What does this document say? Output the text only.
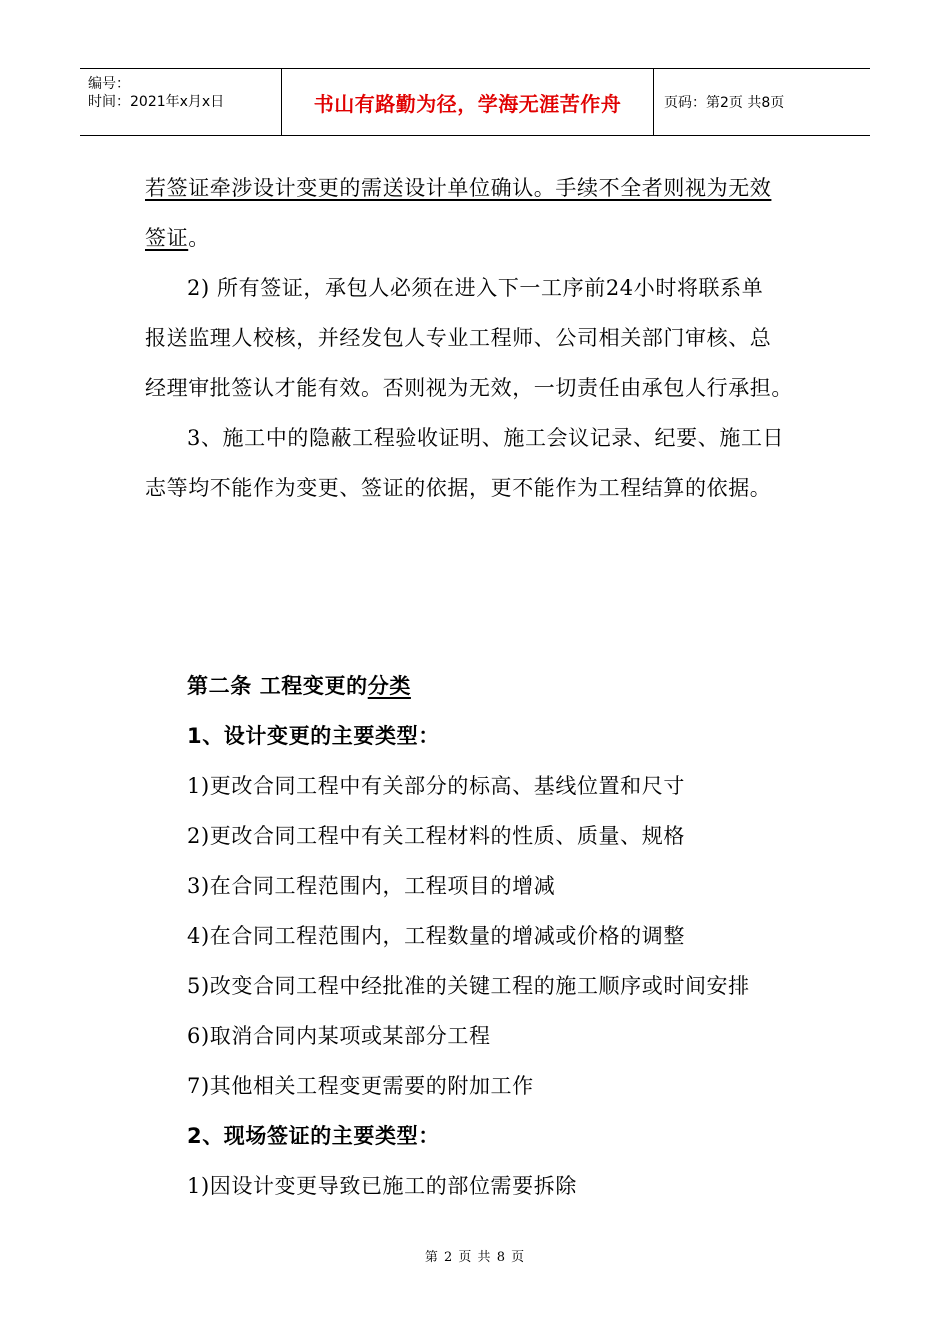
编号：
时间：2021年x月x日	书山有路勤为径，学海无涯苦作舟	页码：第2页 共8页
若签证牵涉设计变更的需送设计单位确认。手续不全者则视为无效
签证。
2) 所有签证，承包人必须在进入下一工序前24小时将联系单
报送监理人校核，并经发包人专业工程师、公司相关部门审核、总
经理审批签认才能有效。否则视为无效，一切责任由承包人行承担。
3、施工中的隐蔽工程验收证明、施工会议记录、纪要、施工日
志等均不能作为变更、签证的依据，更不能作为工程结算的依据。
第二条 工程变更的分类
1、设计变更的主要类型：
1)更改合同工程中有关部分的标高、基线位置和尺寸
2)更改合同工程中有关工程材料的性质、质量、规格
3)在合同工程范围内，工程项目的增减
4)在合同工程范围内，工程数量的增减或价格的调整
5)改变合同工程中经批准的关键工程的施工顺序或时间安排
6)取消合同内某项或某部分工程
7)其他相关工程变更需要的附加工作
2、现场签证的主要类型：
1)因设计变更导致已施工的部位需要拆除
第 2 页 共 8 页
